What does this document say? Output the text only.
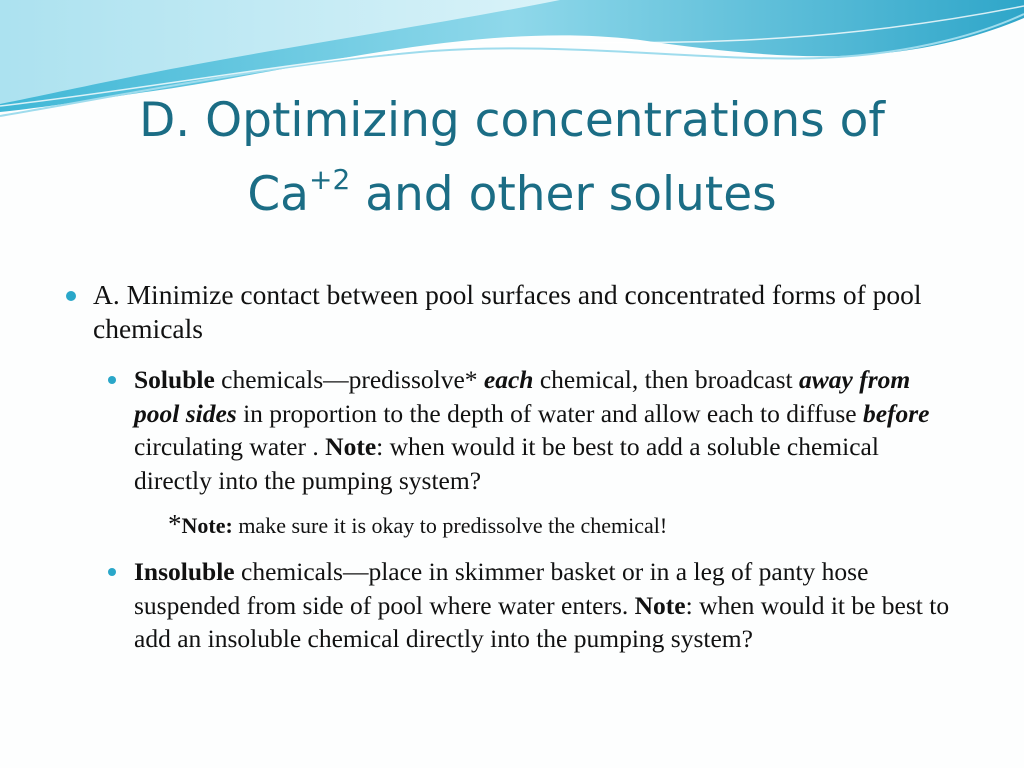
D. Optimizing concentrations of
$Ca^{+2}$ and other solutes
A. Minimize contact between pool surfaces and concentrated forms of pool chemicals
Soluble chemicals—predissolve* each chemical, then broadcast away from pool sides in proportion to the depth of water and allow each to diffuse before circulating water . Note: when would it be best to add a soluble chemical directly into the pumping system?
*Note: make sure it is okay to predissolve the chemical!
Insoluble chemicals—place in skimmer basket or in a leg of panty hose suspended from side of pool where water enters. Note: when would it be best to add an insoluble chemical directly into the pumping system?
